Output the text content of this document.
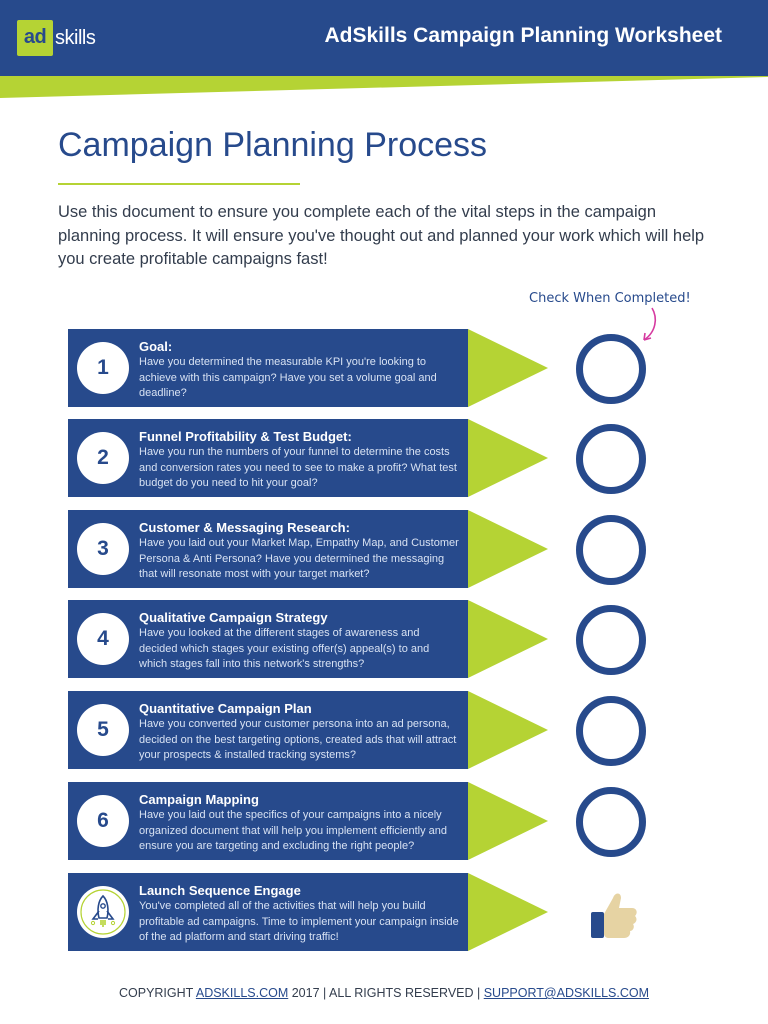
ad skills	AdSkills Campaign Planning Worksheet
Campaign Planning Process

Use this document to ensure you complete each of the vital steps in the campaign planning process. It will ensure you've thought out and planned your work which will help you create profitable campaigns fast!

Check When Completed!
1
Goal:
Have you determined the measurable KPI you're looking to achieve with this campaign? Have you set a volume goal and deadline?
2
Funnel Profitability & Test Budget:
Have you run the numbers of your funnel to determine the costs and conversion rates you need to see to make a profit? What test budget do you need to hit your goal?
3
Customer & Messaging Research:
Have you laid out your Market Map, Empathy Map, and Customer Persona & Anti Persona? Have you determined the messaging that will resonate most with your target market?
4
Qualitative Campaign Strategy
Have you looked at the different stages of awareness and decided which stages your existing offer(s) appeal(s) to and which stages fall into this network's strengths?
5
Quantitative Campaign Plan
Have you converted your customer persona into an ad persona, decided on the best targeting options, created ads that will attract your prospects & installed tracking systems?
6
Campaign Mapping
Have you laid out the specifics of your campaigns into a nicely organized document that will help you implement efficiently and ensure you are targeting and excluding the right people?
Launch Sequence Engage
You've completed all of the activities that will help you build profitable ad campaigns. Time to implement your campaign inside of the ad platform and start driving traffic!
COPYRIGHT ADSKILLS.COM 2017 | ALL RIGHTS RESERVED | SUPPORT@ADSKILLS.COM
